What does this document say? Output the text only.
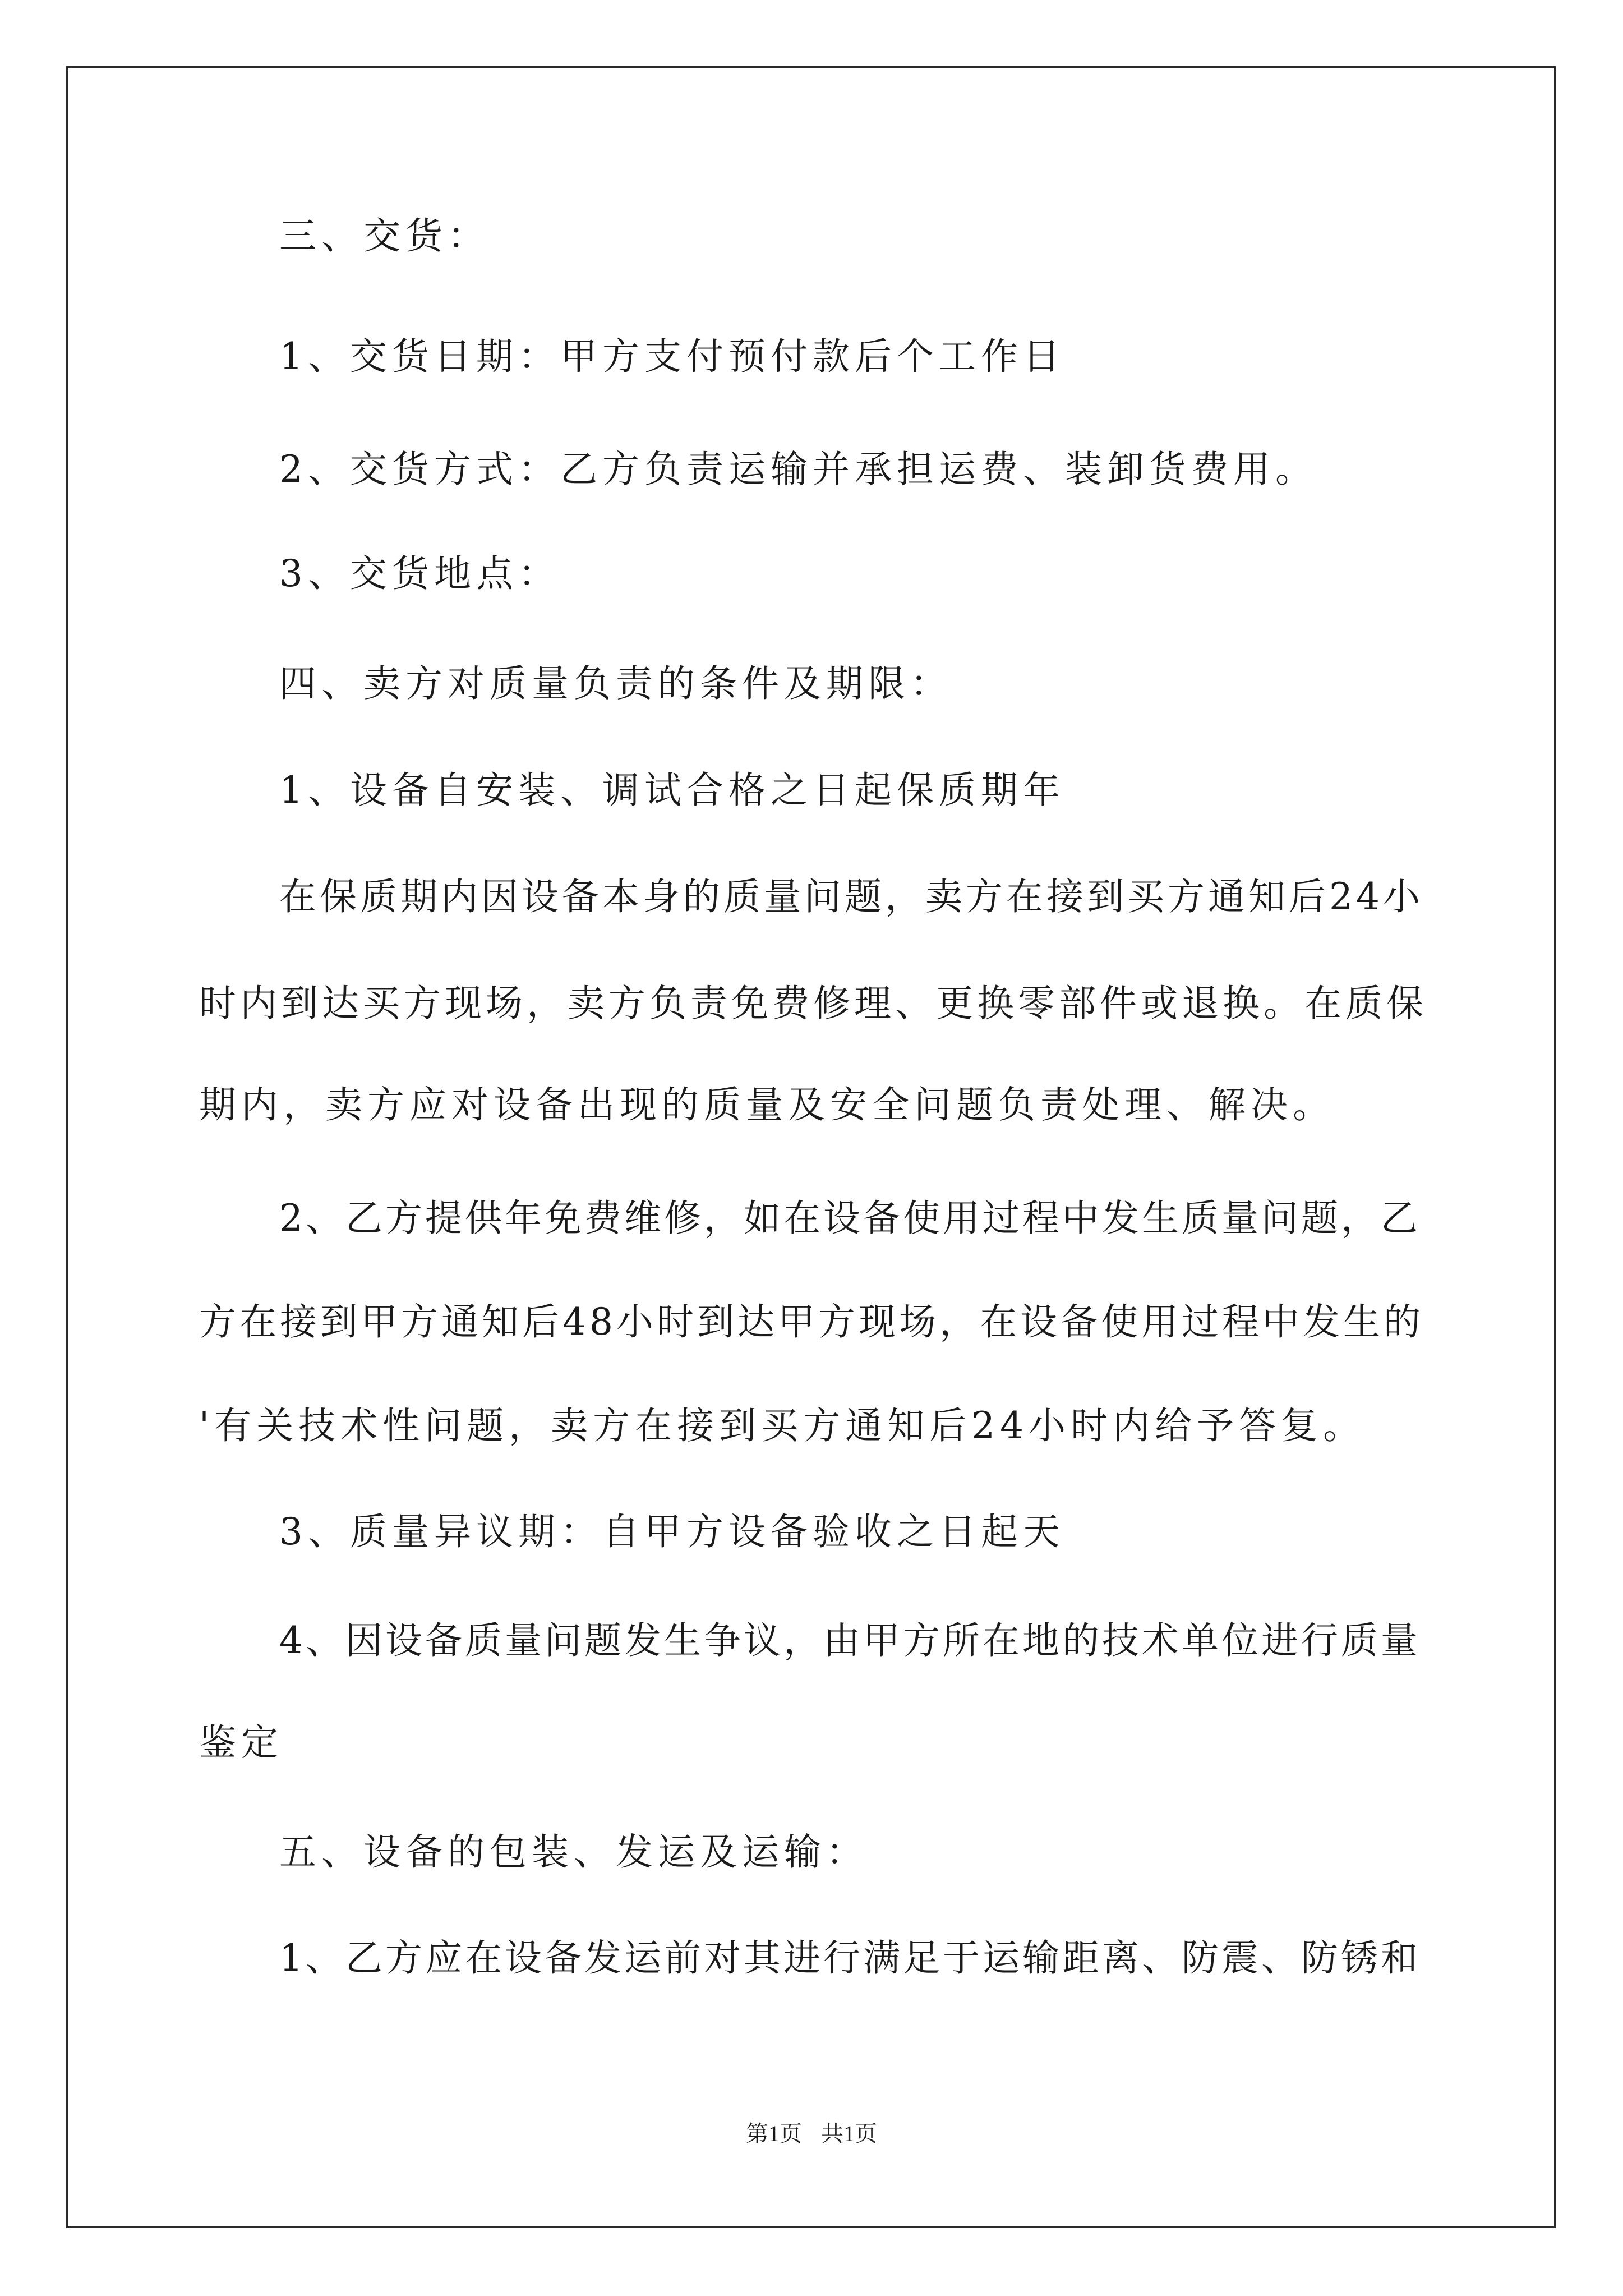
三、交货：
1、交货日期：甲方支付预付款后个工作日
2、交货方式：乙方负责运输并承担运费、装卸货费用。
3、交货地点：
四、卖方对质量负责的条件及期限：
1、设备自安装、调试合格之日起保质期年
在保质期内因设备本身的质量问题，卖方在接到买方通知后24小
时内到达买方现场，卖方负责免费修理、更换零部件或退换。在质保
期内，卖方应对设备出现的质量及安全问题负责处理、解决。
2、乙方提供年免费维修，如在设备使用过程中发生质量问题，乙
方在接到甲方通知后48小时到达甲方现场，在设备使用过程中发生的
'有关技术性问题，卖方在接到买方通知后24小时内给予答复。
3、质量异议期：自甲方设备验收之日起天
4、因设备质量问题发生争议，由甲方所在地的技术单位进行质量
鉴定
五、设备的包装、发运及运输：
1、乙方应在设备发运前对其进行满足于运输距离、防震、防锈和
第1页 共1页
